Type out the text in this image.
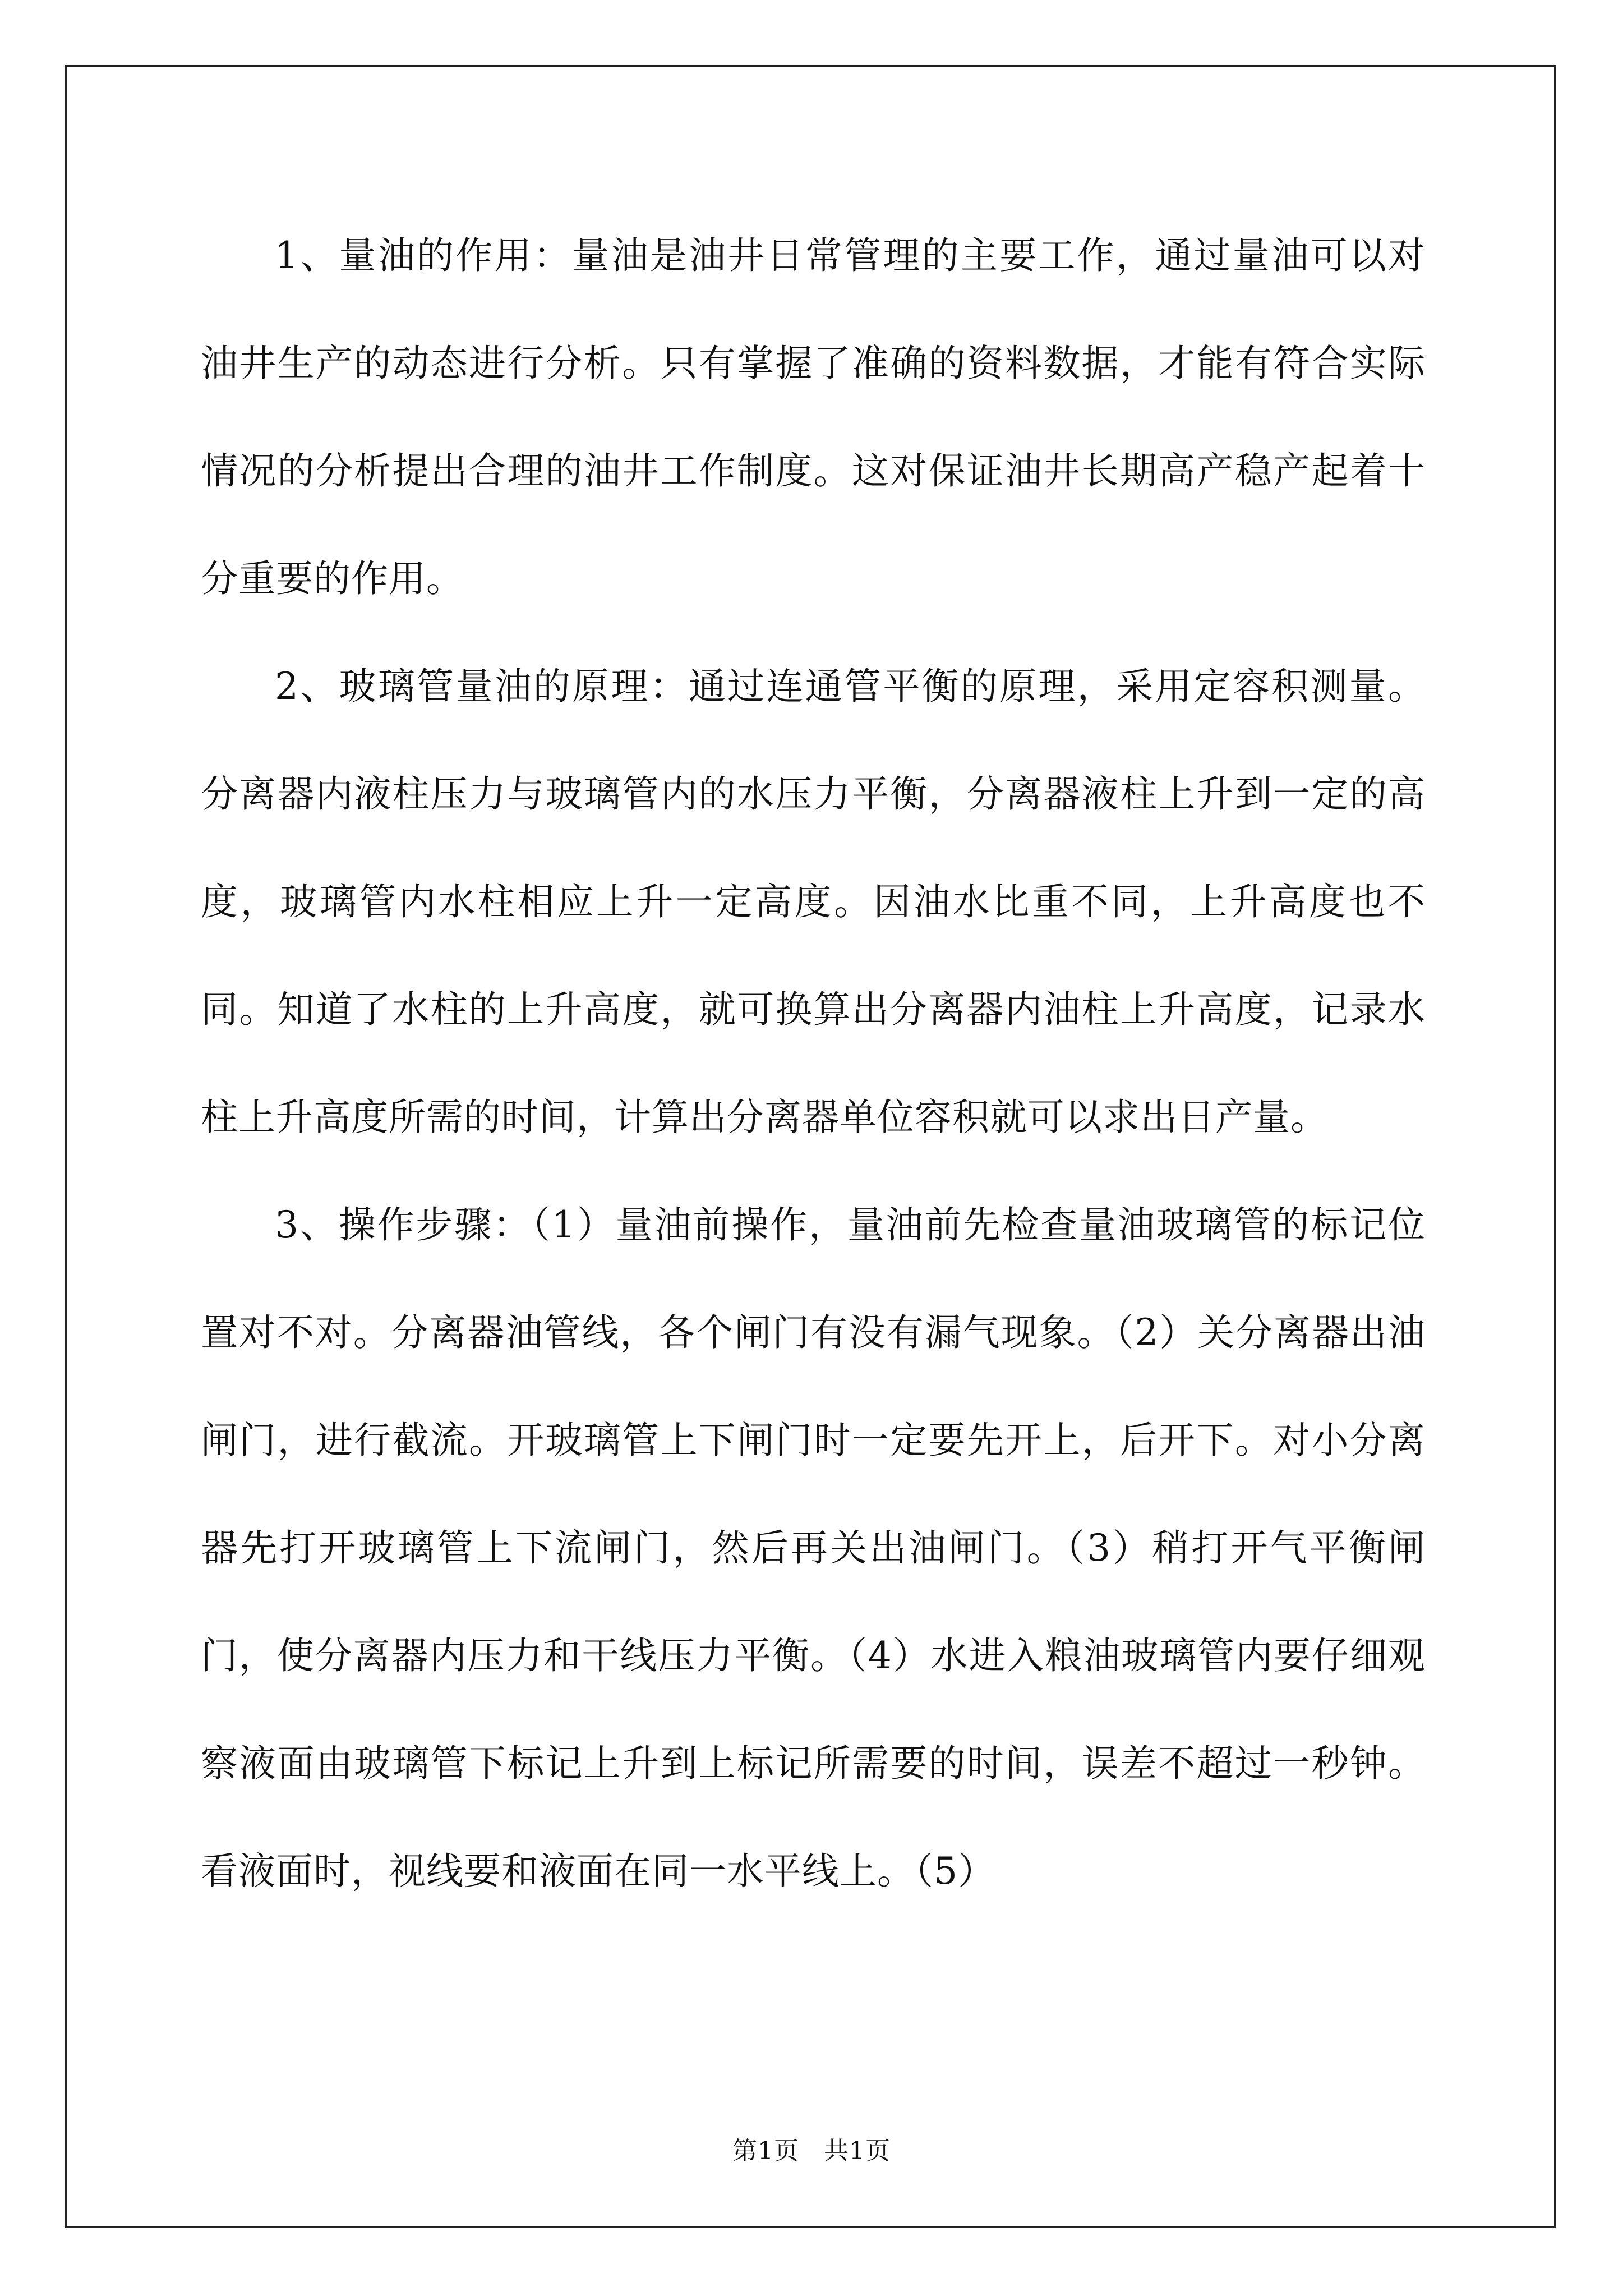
1、量油的作用：量油是油井日常管理的主要工作，通过量油可以对油井生产的动态进行分析。只有掌握了准确的资料数据，才能有符合实际情况的分析提出合理的油井工作制度。这对保证油井长期高产稳产起着十分重要的作用。

2、玻璃管量油的原理：通过连通管平衡的原理，采用定容积测量。分离器内液柱压力与玻璃管内的水压力平衡，分离器液柱上升到一定的高度，玻璃管内水柱相应上升一定高度。因油水比重不同，上升高度也不同。知道了水柱的上升高度，就可换算出分离器内油柱上升高度，记录水柱上升高度所需的时间，计算出分离器单位容积就可以求出日产量。

3、操作步骤：（1）量油前操作，量油前先检查量油玻璃管的标记位置对不对。分离器油管线，各个闸门有没有漏气现象。（2）关分离器出油闸门，进行截流。开玻璃管上下闸门时一定要先开上，后开下。对小分离器先打开玻璃管上下流闸门，然后再关出油闸门。（3）稍打开气平衡闸门，使分离器内压力和干线压力平衡。（4）水进入粮油玻璃管内要仔细观察液面由玻璃管下标记上升到上标记所需要的时间，误差不超过一秒钟。看液面时，视线要和液面在同一水平线上。（5）

第1页 共1页
